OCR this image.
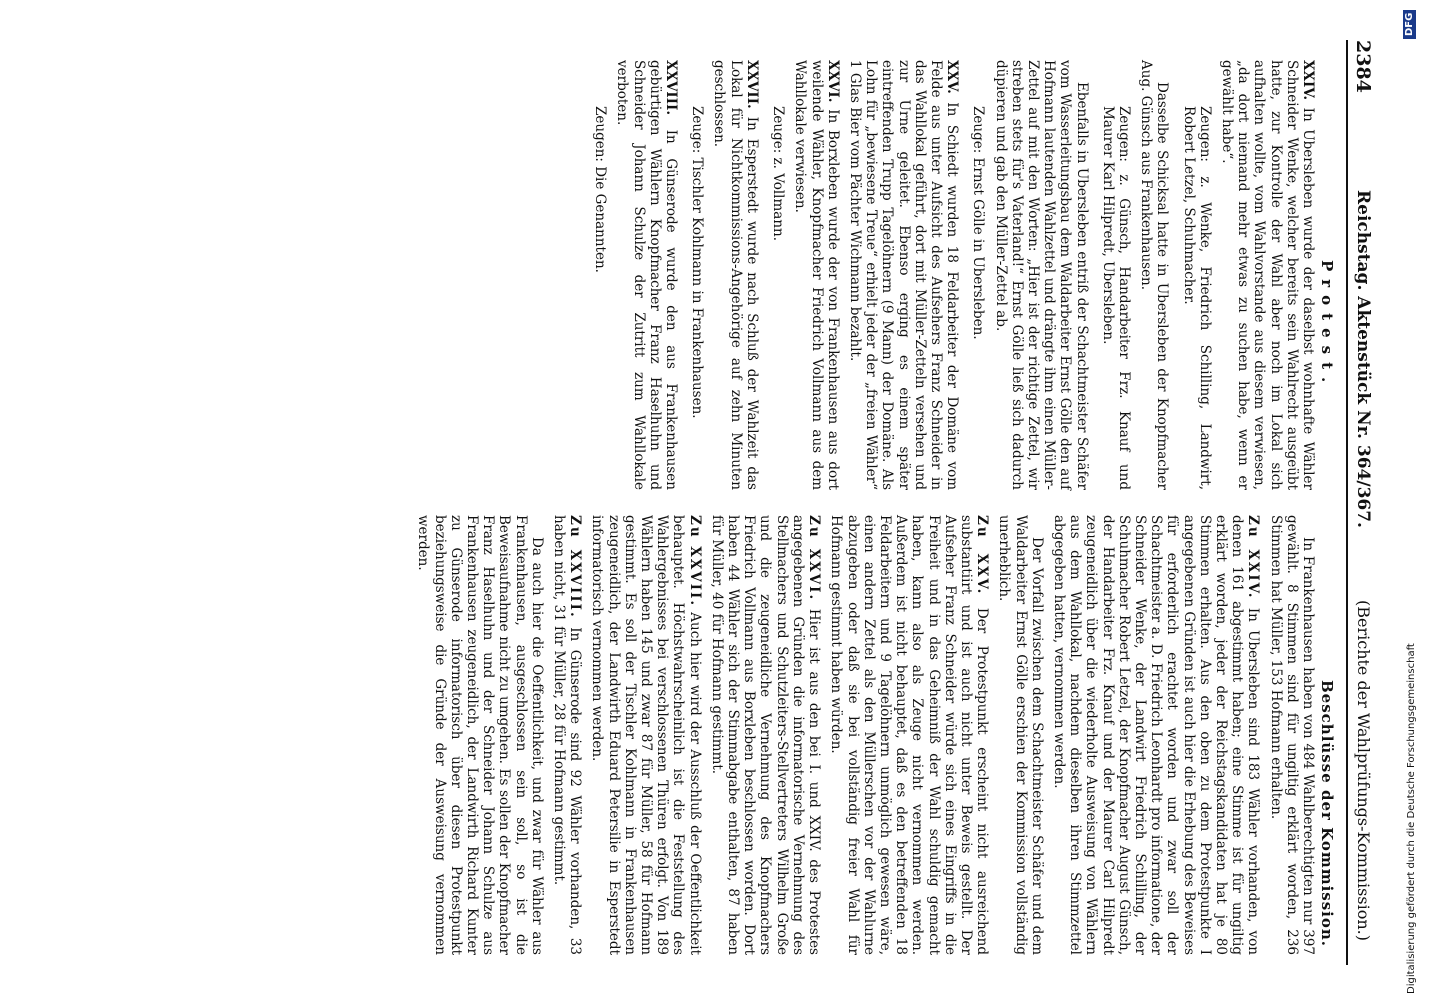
2384
Reichstag. Aktenstück Nr. 364/367.
(Berichte der Wahlprüfungs-Kommission.)
Protest.
Beschlüsse der Kommission.

XXIV. In Ubersleben wurde der daselbst wohnhafte Wähler Schneider Wenke, welcher bereits sein Wahlrecht ausgeübt hatte, zur Kontrolle der Wahl aber noch im Lokal sich aufhalten wollte, vom Wahlvorstande aus diesem verwiesen, „da dort niemand mehr etwas zu suchen habe, wenn er gewählt habe“.

Zeugen: z. Wenke, Friedrich Schilling, Landwirt, Robert Letzel, Schuhmacher.

Dasselbe Schicksal hatte in Ubersleben der Knopfmacher Aug. Günsch aus Frankenhausen.

Zeugen: z. Günsch, Handarbeiter Frz. Knauf und Maurer Karl Hilpredt, Ubersleben.

Ebenfalls in Ubersleben entriß der Schachtmeister Schäfer vom Wasserleitungsbau dem Waldarbeiter Ernst Gölle den auf Hofmann lautenden Wahlzettel und drängte ihm einen Müller-Zettel auf mit den Worten: „Hier ist der richtige Zettel, wir streben stets für's Vaterland!“ Ernst Gölle ließ sich dadurch düpieren und gab den Müller-Zettel ab.

Zeuge: Ernst Gölle in Ubersleben.

XXV. In Schiedt wurden 18 Feldarbeiter der Domäne vom Felde aus unter Aufsicht des Aufsehers Franz Schneider in das Wahllokal geführt, dort mit Müller-Zetteln versehen und zur Urne geleitet. Ebenso erging es einem später eintreffenden Trupp Tagelöhnern (9 Mann) der Domäne. Als Lohn für „bewiesene Treue“ erhielt jeder der „freien Wähler“ 1 Glas Bier vom Pächter Wichmann bezahlt.

XXVI. In Borxleben wurde der von Frankenhausen aus dort weilende Wähler, Knopfmacher Friedrich Vollmann aus dem Wahllokale verwiesen.

Zeuge: z. Vollmann.

XXVII. In Esperstedt wurde nach Schluß der Wahlzeit das Lokal für Nichtkommissions-Angehörige auf zehn Minuten geschlossen.

Zeuge: Tischler Kohlmann in Frankenhausen.

XXVIII. In Günserode wurde den aus Frankenhausen gebürtigen Wählern Knopfmacher Franz Haselhuhn und Schneider Johann Schulze der Zutritt zum Wahllokale verboten.

Zeugen: Die Genannten.

In Frankenhausen haben von 484 Wahlberechtigten nur 397 gewählt. 8 Stimmen sind für ungiltig erklärt worden, 236 Stimmen hat Müller, 153 Hofmann erhalten.

Zu XXIV. In Ubersleben sind 183 Wähler vorhanden, von denen 161 abgestimmt haben; eine Stimme ist für ungiltig erklärt worden, jeder der Reichstagskandidaten hat je 80 Stimmen erhalten. Aus den oben zu dem Protestpunkte I angegebenen Gründen ist auch hier die Erhebung des Beweises für erforderlich erachtet worden und zwar soll der Schachtmeister a. D. Friedrich Leonhardt pro informatione, der Schneider Wenke, der Landwirt Friedrich Schilling, der Schuhmacher Robert Letzel, der Knopfmacher August Günsch, der Handarbeiter Frz. Knauf und der Maurer Carl Hilpredt zeugeneidlich über die wiederholte Ausweisung von Wählern aus dem Wahllokal, nachdem dieselben ihren Stimmzettel abgegeben hatten, vernommen werden.

Der Vorfall zwischen dem Schachtmeister Schäfer und dem Waldarbeiter Ernst Gölle erschien der Kommission vollständig unerheblich.

Zu XXV. Der Protestpunkt erscheint nicht ausreichend substantiirt und ist auch nicht unter Beweis gestellt. Der Aufseher Franz Schneider würde sich eines Eingriffs in die Freiheit und in das Geheimniß der Wahl schuldig gemacht haben, kann also als Zeuge nicht vernommen werden. Außerdem ist nicht behauptet, daß es den betreffenden 18 Feldarbeitern und 9 Tagelöhnern unmöglich gewesen wäre, einen andern Zettel als den Müllerschen vor der Wahlurne abzugeben oder daß sie bei vollständig freier Wahl für Hofmann gestimmt haben würden.

Zu XXVI. Hier ist aus den bei I. und XXIV. des Protestes angegebenen Gründen die informatorische Vernehmung des Stellmachers und Schutzleiters-Stellvertreters Wilhelm Große und die zeugeneidliche Vernehmung des Knopfmachers Friedrich Vollmann aus Borxleben beschlossen worden. Dort haben 44 Wähler sich der Stimmabgabe enthalten, 87 haben für Müller, 40 für Hofmann gestimmt.

Zu XXVII. Auch hier wird der Ausschluß der Oeffentlichkeit behauptet. Höchstwahrscheinlich ist die Feststellung des Wahlergebnisses bei verschlossenen Thüren erfolgt. Von 189 Wählern haben 145 und zwar 87 für Müller, 58 für Hofmann gestimmt. Es soll der Tischler Kohlmann in Frankenhausen zeugeneidlich, der Landwirth Eduard Petersilie in Esperstedt informatorisch vernommen werden.

Zu XXVIII. In Günserode sind 92 Wähler vorhanden, 33 haben nicht, 31 für Müller, 28 für Hofmann gestimmt.

Da auch hier die Oeffentlichkeit, und zwar für Wähler aus Frankenhausen, ausgeschlossen sein soll, so ist die Beweisaufnahme nicht zu umgehen. Es sollen der Knopfmacher Franz Haselhuhn und der Schneider Johann Schulze aus Frankenhausen zeugeneidlich, der Landwirth Richard Kunter zu Günserode informatorisch über diesen Protestpunkt beziehungsweise die Gründe der Ausweisung vernommen werden.

Digitalisierung gefördert durch die Deutsche Forschungsgemeinschaft
DFG
